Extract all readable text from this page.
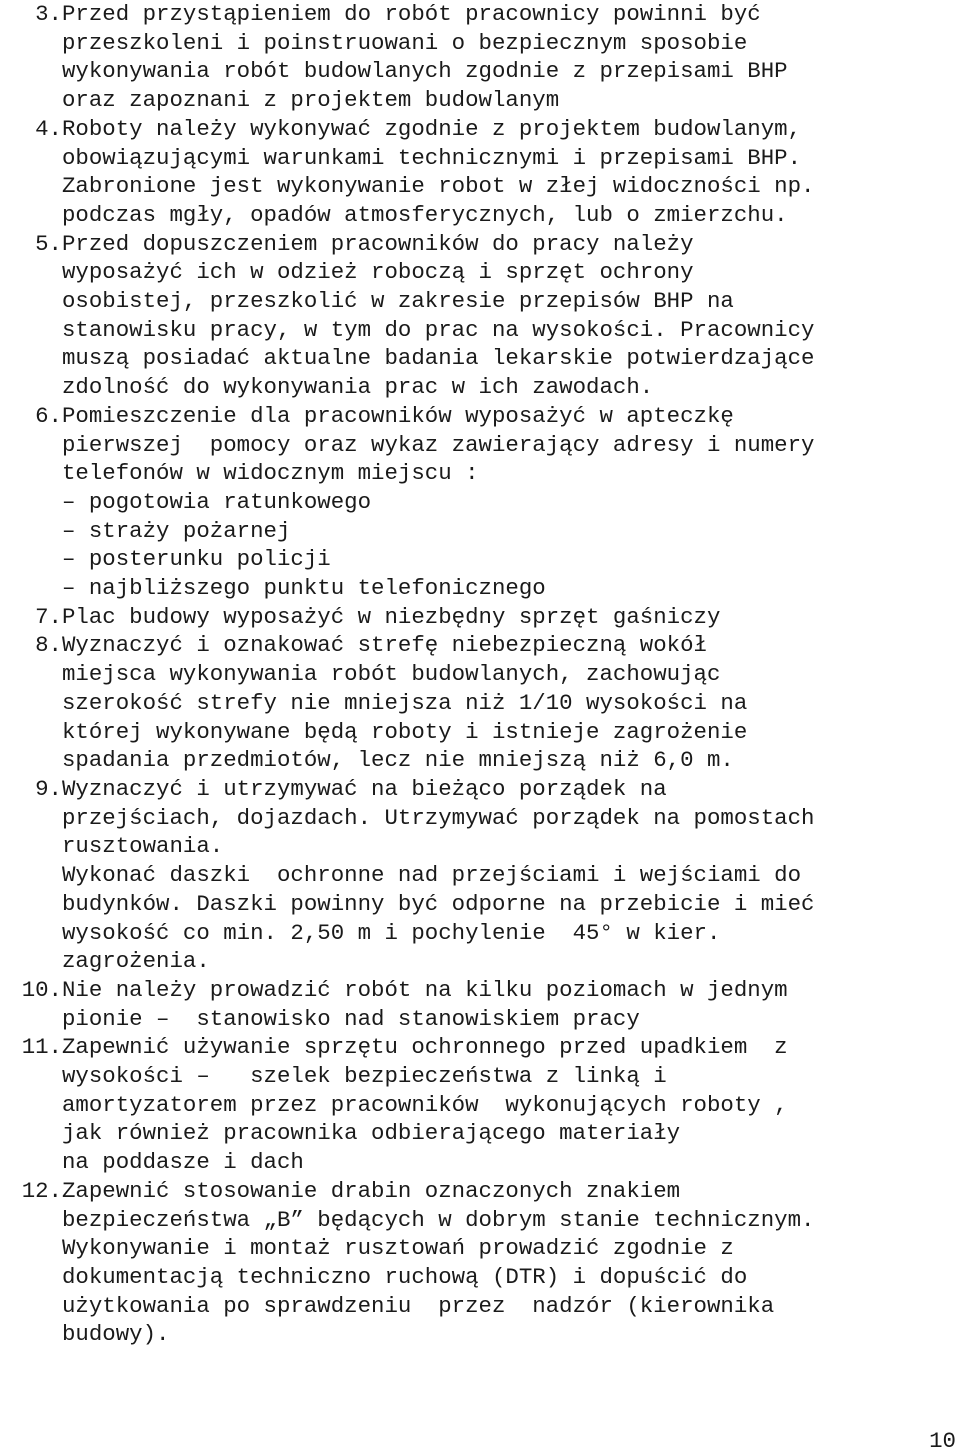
3. Przed przystąpieniem do robót pracownicy powinni być
przeszkoleni i poinstruowani o bezpiecznym sposobie
wykonywania robót budowlanych zgodnie z przepisami BHP
oraz zapoznani z projektem budowlanym
4. Roboty należy wykonywać zgodnie z projektem budowlanym,
obowiązującymi warunkami technicznymi i przepisami BHP.
Zabronione jest wykonywanie robot w złej widoczności np.
podczas mgły, opadów atmosferycznych, lub o zmierzchu.
5. Przed dopuszczeniem pracowników do pracy należy
wyposażyć ich w odzież roboczą i sprzęt ochrony
osobistej, przeszkolić w zakresie przepisów BHP na
stanowisku pracy, w tym do prac na wysokości. Pracownicy
muszą posiadać aktualne badania lekarskie potwierdzające
zdolność do wykonywania prac w ich zawodach.
6. Pomieszczenie dla pracowników wyposażyć w apteczkę
pierwszej  pomocy oraz wykaz zawierający adresy i numery
telefonów w widocznym miejscu :
– pogotowia ratunkowego
– straży pożarnej
– posterunku policji
– najbliższego punktu telefonicznego
7. Plac budowy wyposażyć w niezbędny sprzęt gaśniczy
8. Wyznaczyć i oznakować strefę niebezpieczną wokół
miejsca wykonywania robót budowlanych, zachowując
szerokość strefy nie mniejsza niż 1/10 wysokości na
której wykonywane będą roboty i istnieje zagrożenie
spadania przedmiotów, lecz nie mniejszą niż 6,0 m.
9. Wyznaczyć i utrzymywać na bieżąco porządek na
przejściach, dojazdach. Utrzymywać porządek na pomostach
rusztowania.
Wykonać daszki  ochronne nad przejściami i wejściami do
budynków. Daszki powinny być odporne na przebicie i mieć
wysokość co min. 2,50 m i pochylenie  45° w kier.
zagrożenia.
10. Nie należy prowadzić robót na kilku poziomach w jednym
pionie –  stanowisko nad stanowiskiem pracy
11. Zapewnić używanie sprzętu ochronnego przed upadkiem  z
wysokości –   szelek bezpieczeństwa z linką i
amortyzatorem przez pracowników  wykonujących roboty ,
jak również pracownika odbierającego materiały
na poddasze i dach
12. Zapewnić stosowanie drabin oznaczonych znakiem
bezpieczeństwa „B” będących w dobrym stanie technicznym.
Wykonywanie i montaż rusztowań prowadzić zgodnie z
dokumentacją techniczno ruchową (DTR) i dopuścić do
użytkowania po sprawdzeniu  przez  nadzór (kierownika
budowy).
10
